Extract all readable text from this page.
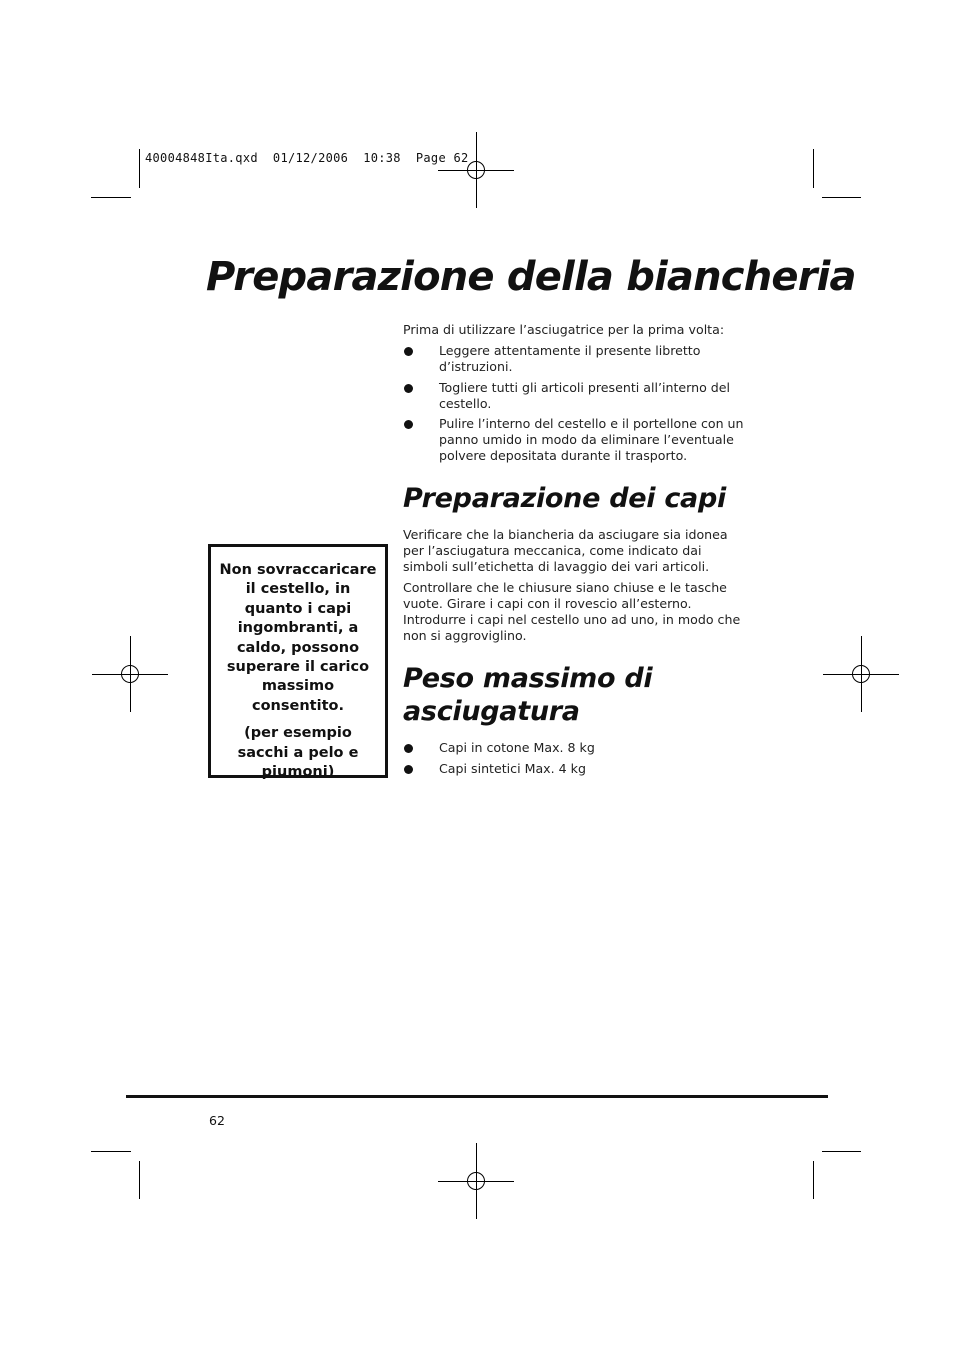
40004848Ita.qxd  01/12/2006  10:38  Page 62
Preparazione della biancheria
Prima di utilizzare l’asciugatrice per la prima volta:
Leggere attentamente il presente libretto d’istruzioni.
Togliere tutti gli articoli presenti all’interno del cestello.
Pulire l’interno del cestello e il portellone con un panno umido in modo da eliminare l’eventuale polvere depositata durante il trasporto.
Preparazione dei capi
Verificare che la biancheria da asciugare sia idonea per l’asciugatura meccanica, come indicato dai simboli sull’etichetta di lavaggio dei vari articoli.
Controllare che le chiusure siano chiuse e le tasche vuote. Girare i capi con il rovescio all’esterno. Introdurre i capi nel cestello uno ad uno, in modo che non si aggroviglino.
Peso massimo di asciugatura
Capi in cotone Max. 8 kg
Capi sintetici Max. 4 kg

Non sovraccaricare il cestello, in quanto i capi ingombranti, a caldo, possono superare il carico massimo consentito.

(per esempio sacchi a pelo e piumoni)

62
